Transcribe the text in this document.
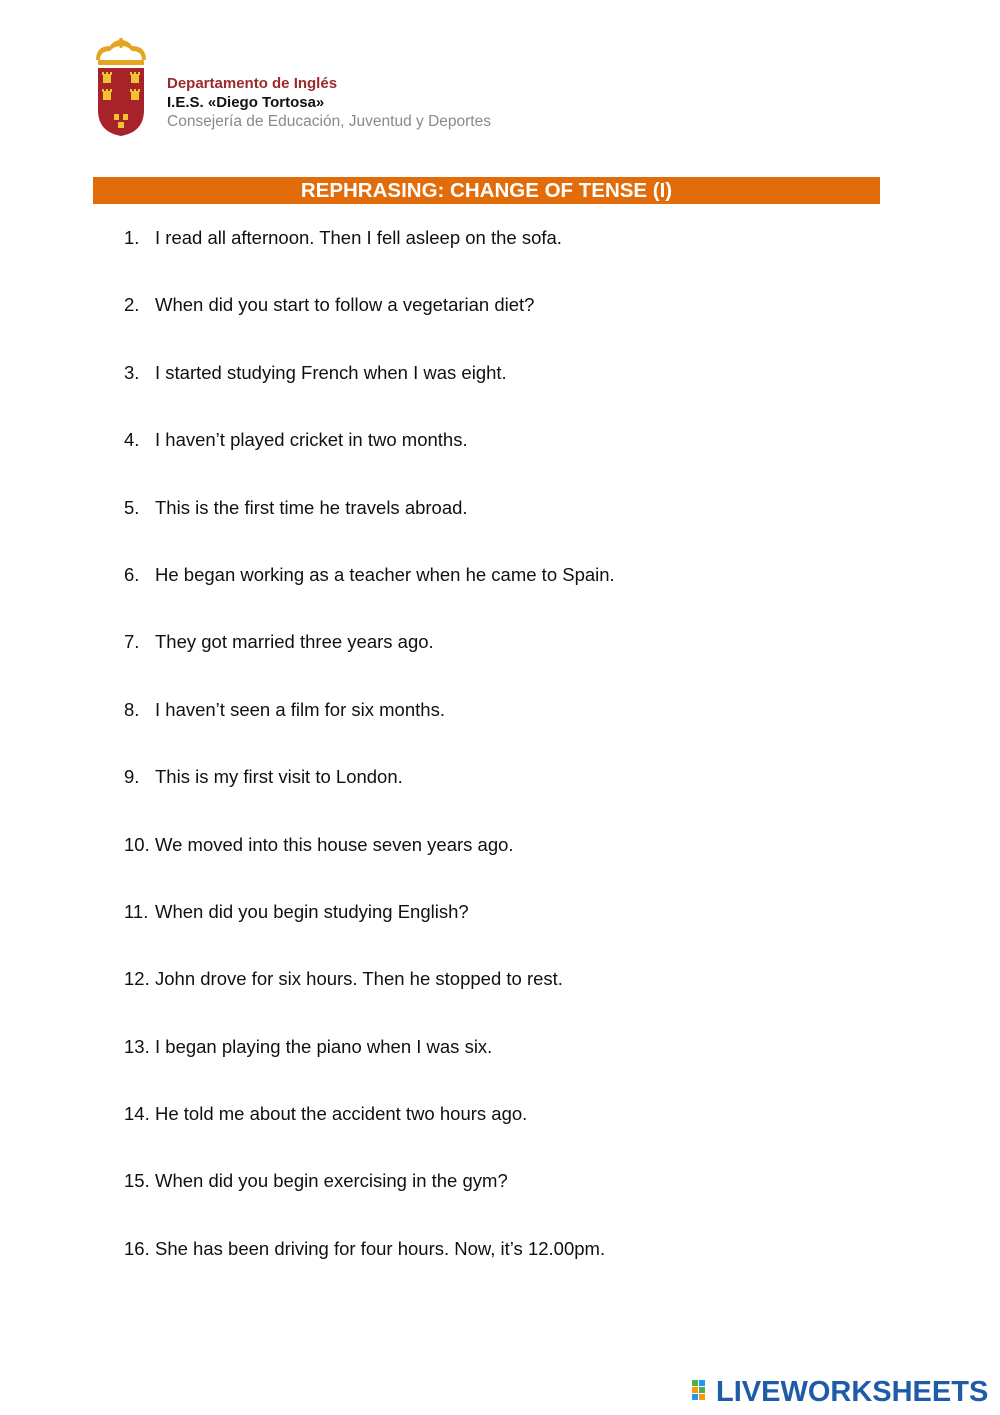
Departamento de Inglés
I.E.S. «Diego Tortosa»
Consejería de Educación, Juventud y Deportes
REPHRASING: CHANGE OF TENSE (I)
1. I read all afternoon. Then I fell asleep on the sofa.
2. When did you start to follow a vegetarian diet?
3. I started studying French when I was eight.
4. I haven’t played cricket in two months.
5. This is the first time he travels abroad.
6. He began working as a teacher when he came to Spain.
7. They got married three years ago.
8. I haven’t seen a film for six months.
9. This is my first visit to London.
10. We moved into this house seven years ago.
11. When did you begin studying English?
12. John drove for six hours. Then he stopped to rest.
13. I began playing the piano when I was six.
14. He told me about the accident two hours ago.
15. When did you begin exercising in the gym?
16. She has been driving for four hours. Now, it’s 12.00pm.
LIVEWORKSHEETS
